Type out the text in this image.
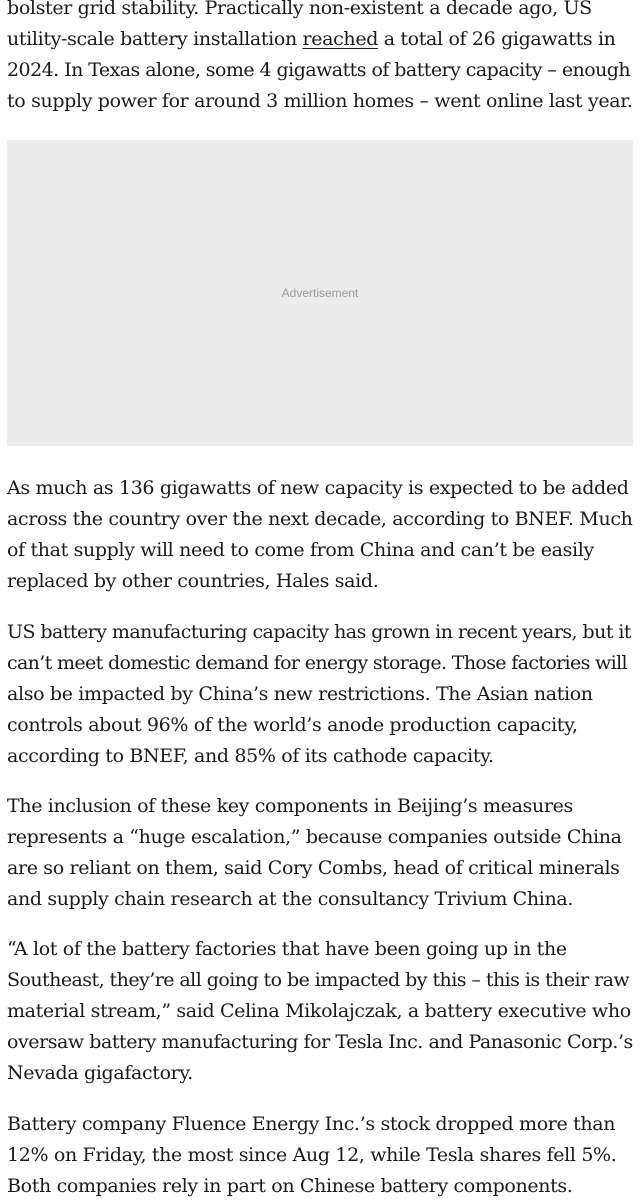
bolster grid stability. Practically non-existent a decade ago, US
utility-scale battery installation reached a total of 26 gigawatts in
2024. In Texas alone, some 4 gigawatts of battery capacity – enough
to supply power for around 3 million homes – went online last year.

Advertisement

As much as 136 gigawatts of new capacity is expected to be added
across the country over the next decade, according to BNEF. Much
of that supply will need to come from China and can’t be easily
replaced by other countries, Hales said.

US battery manufacturing capacity has grown in recent years, but it
can’t meet domestic demand for energy storage. Those factories will
also be impacted by China’s new restrictions. The Asian nation
controls about 96% of the world’s anode production capacity,
according to BNEF, and 85% of its cathode capacity.

The inclusion of these key components in Beijing’s measures
represents a “huge escalation,” because companies outside China
are so reliant on them, said Cory Combs, head of critical minerals
and supply chain research at the consultancy Trivium China.

“A lot of the battery factories that have been going up in the
Southeast, they’re all going to be impacted by this – this is their raw
material stream,” said Celina Mikolajczak, a battery executive who
oversaw battery manufacturing for Tesla Inc. and Panasonic Corp.’s
Nevada gigafactory.

Battery company Fluence Energy Inc.’s stock dropped more than
12% on Friday, the most since Aug 12, while Tesla shares fell 5%.
Both companies rely in part on Chinese battery components.
